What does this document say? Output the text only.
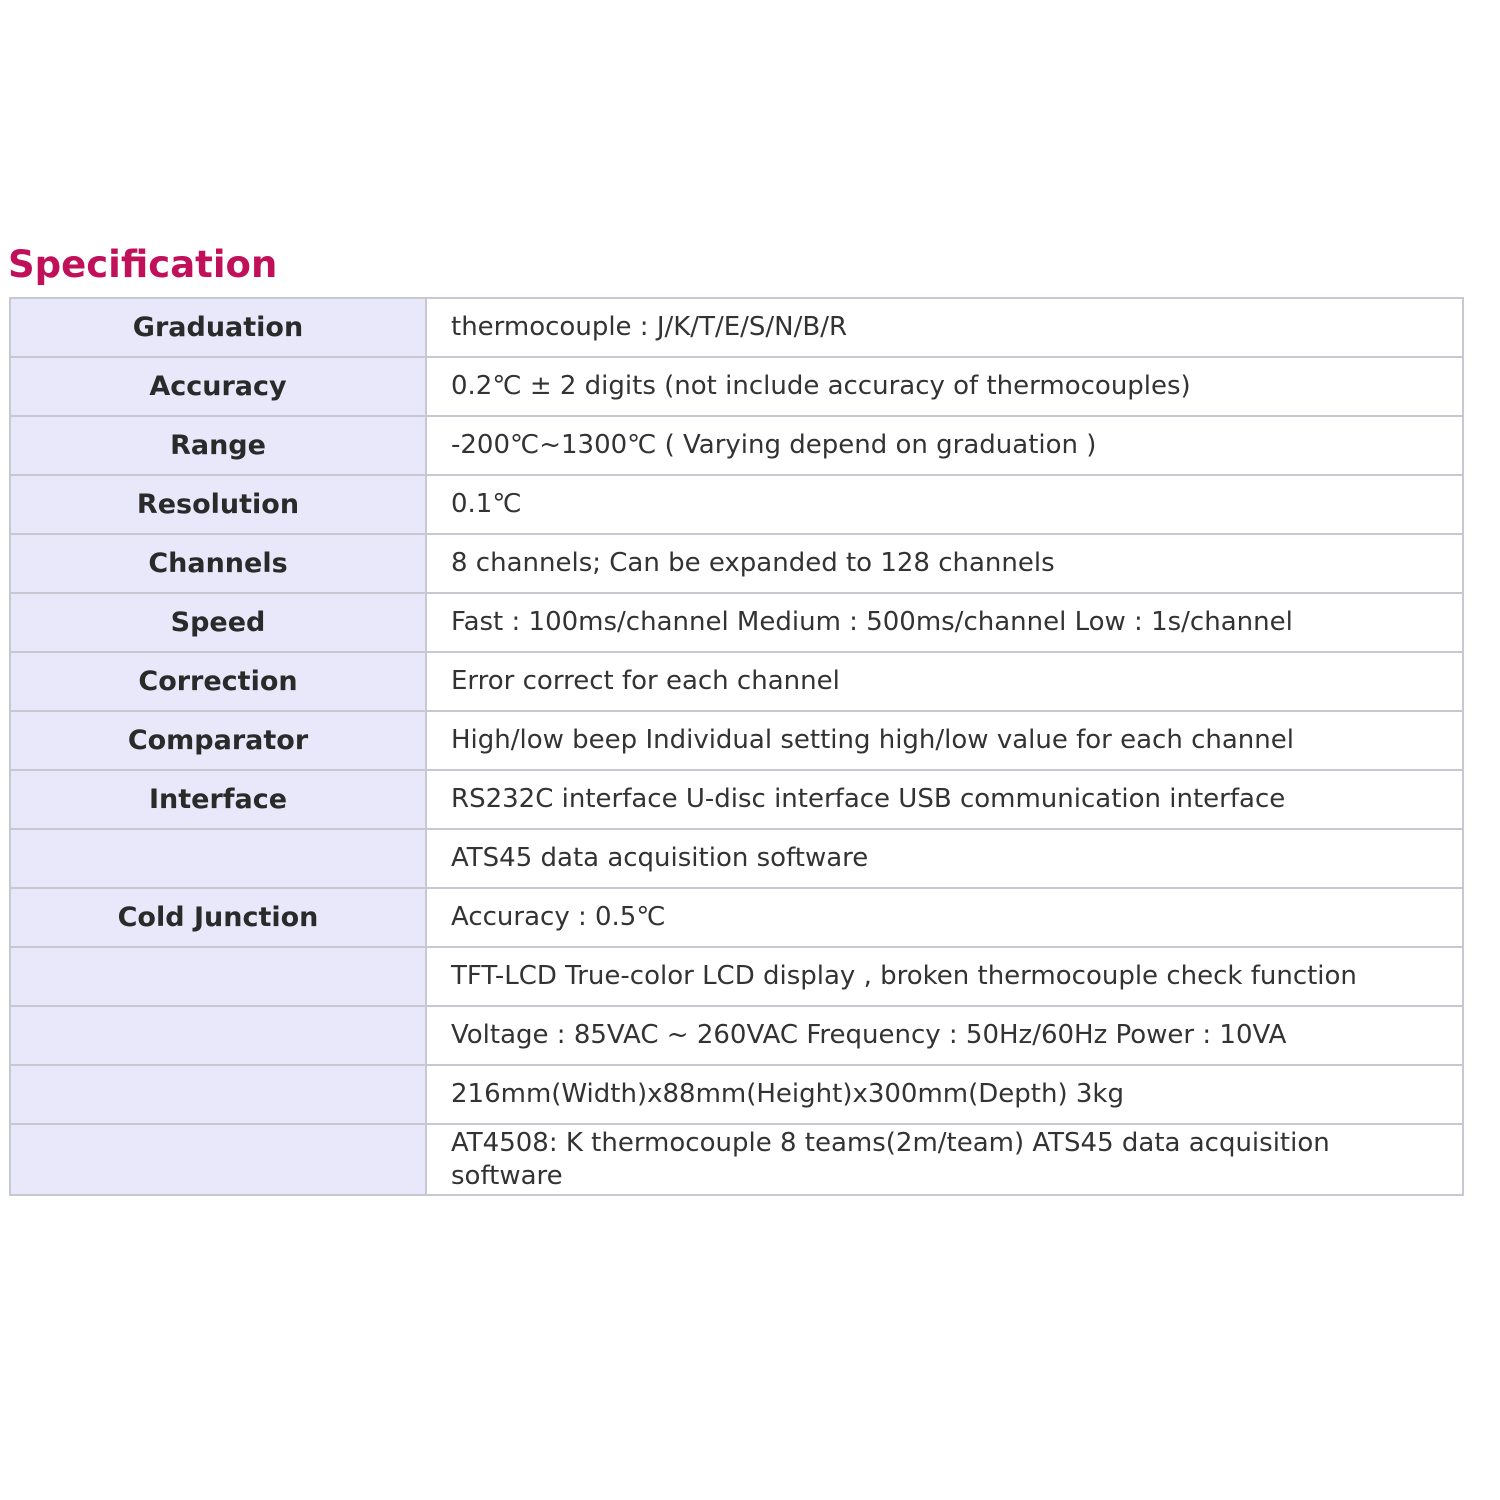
Specification
Graduation	thermocouple : J/K/T/E/S/N/B/R
Accuracy	0.2℃ ± 2 digits (not include accuracy of thermocouples)
Range	-200℃~1300℃ ( Varying depend on graduation )
Resolution	0.1℃
Channels	8 channels; Can be expanded to 128 channels
Speed	Fast : 100ms/channel Medium : 500ms/channel Low : 1s/channel
Correction	Error correct for each channel
Comparator	High/low beep Individual setting high/low value for each channel
Interface	RS232C interface U-disc interface USB communication interface
	ATS45 data acquisition software
Cold Junction	Accuracy : 0.5℃
	TFT-LCD True-color LCD display , broken thermocouple check function
	Voltage : 85VAC ~ 260VAC Frequency : 50Hz/60Hz Power : 10VA
	216mm(Width)x88mm(Height)x300mm(Depth) 3kg
	AT4508: K thermocouple 8 teams(2m/team) ATS45 data acquisition software
